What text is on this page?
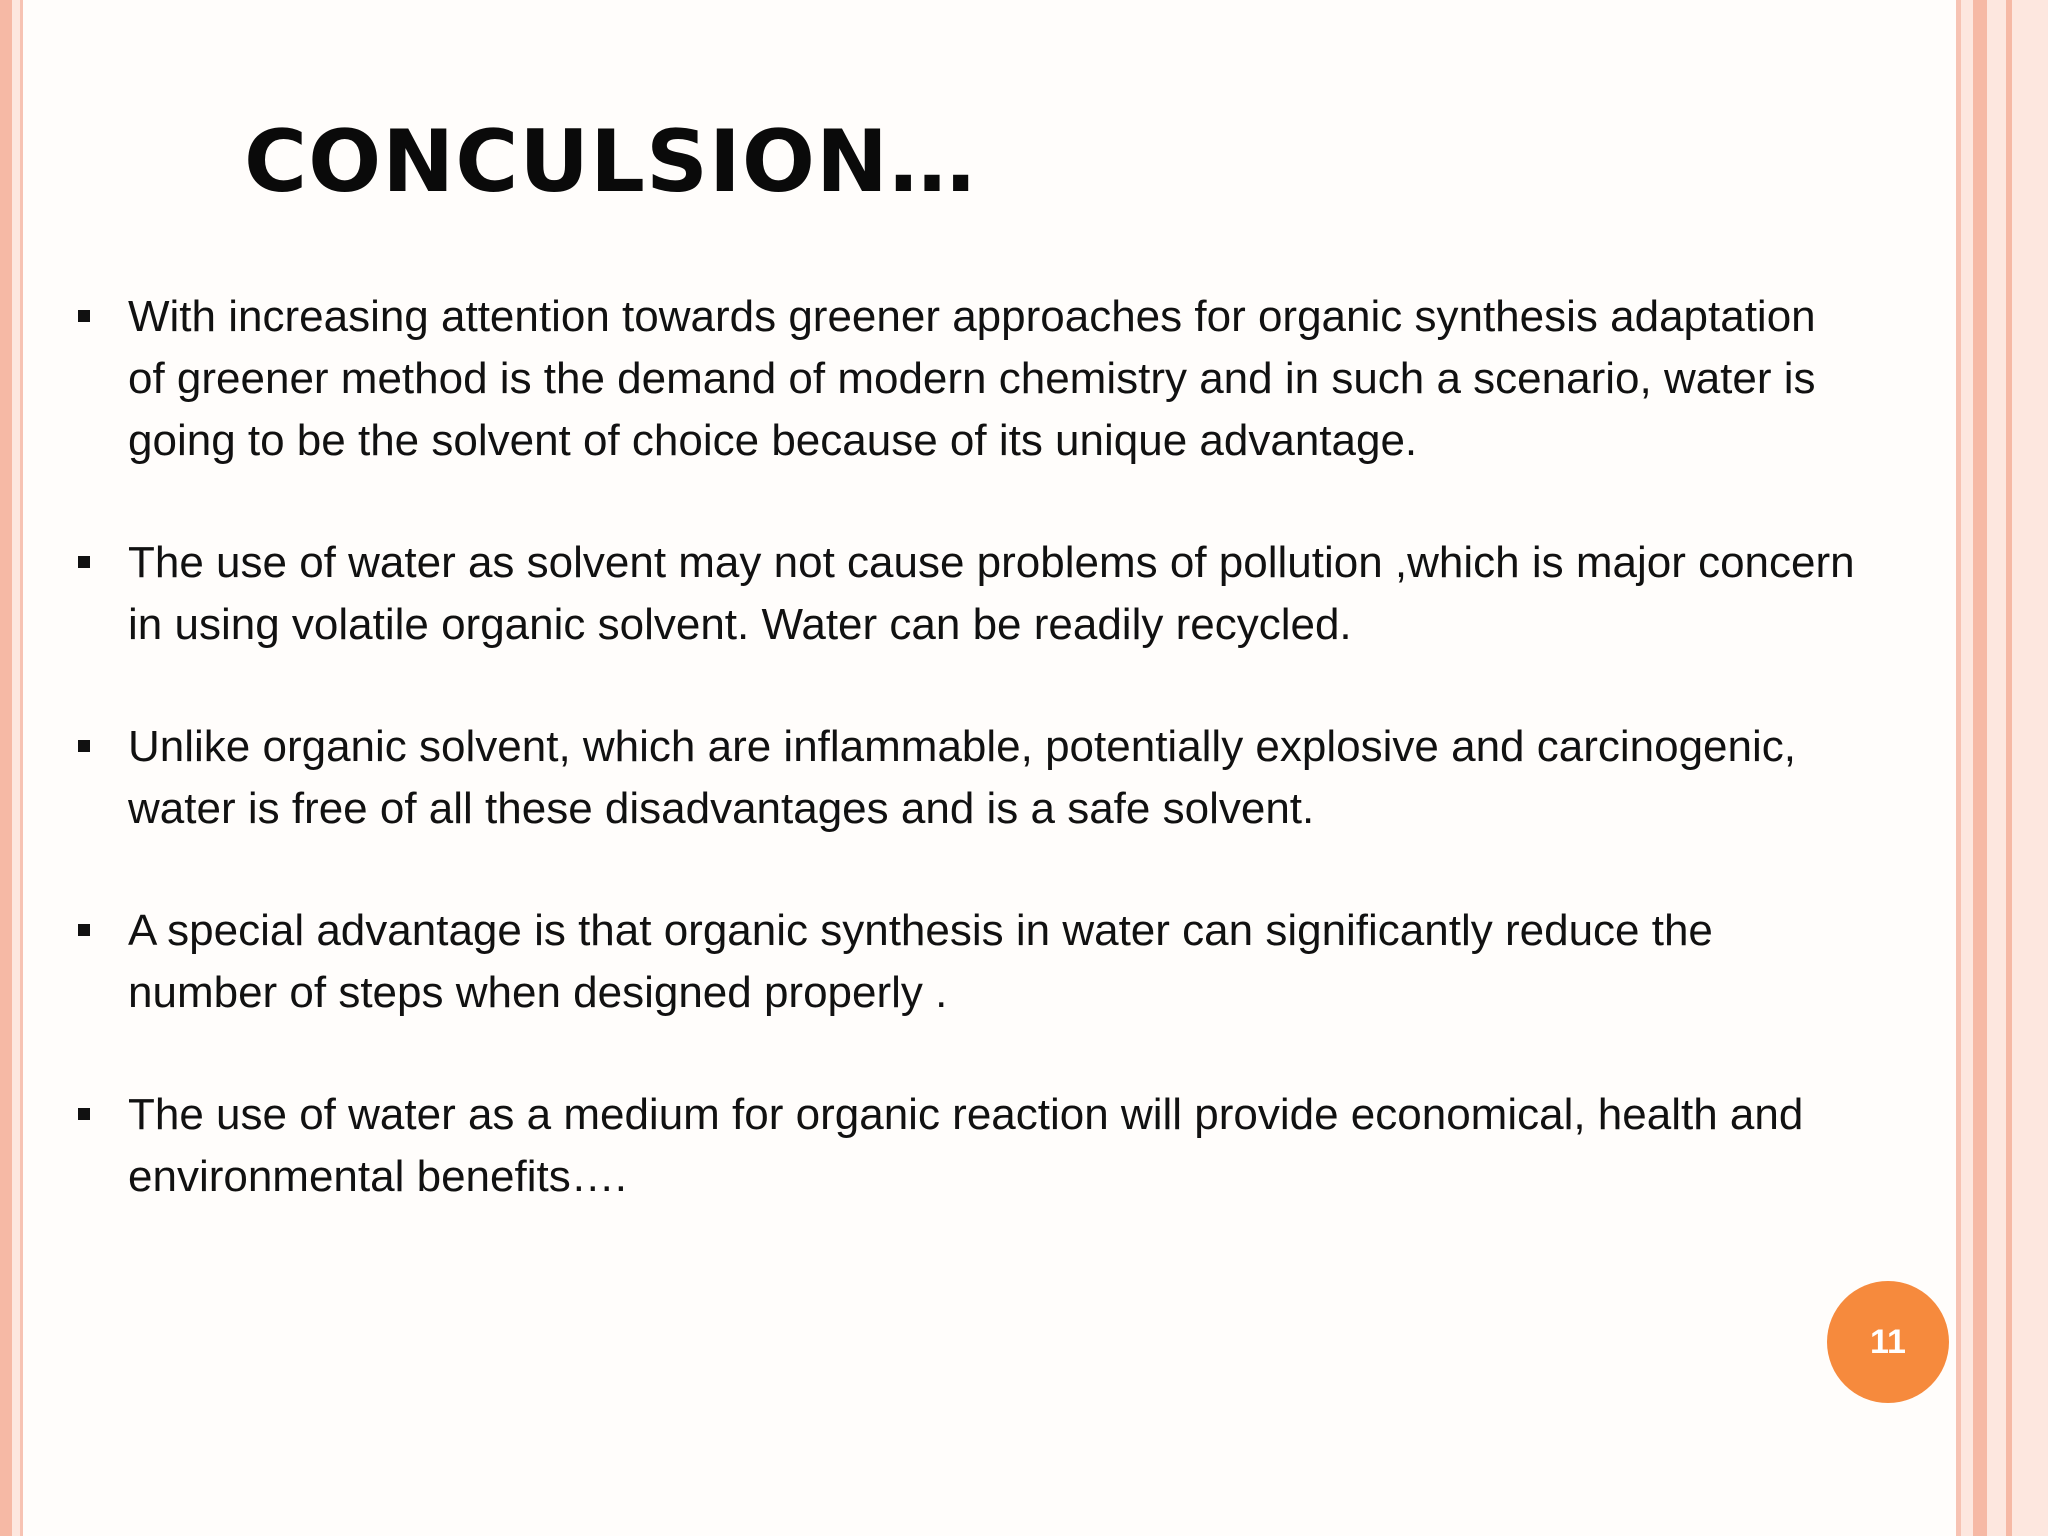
CONCULSION…
With increasing attention towards greener approaches for organic synthesis adaptation of greener method is the demand of modern chemistry and in such a scenario, water is going to be the solvent of choice because of its unique advantage.
The use of water as solvent may not cause problems of pollution ,which is major concern in using volatile organic solvent. Water can be readily recycled.
Unlike organic solvent, which are inflammable, potentially explosive and carcinogenic, water is free of all these disadvantages and is a safe solvent.
A special advantage is that organic synthesis in water can significantly reduce the number of steps when designed properly .
The use of water as a medium for organic reaction will provide economical, health and environmental benefits….
11
